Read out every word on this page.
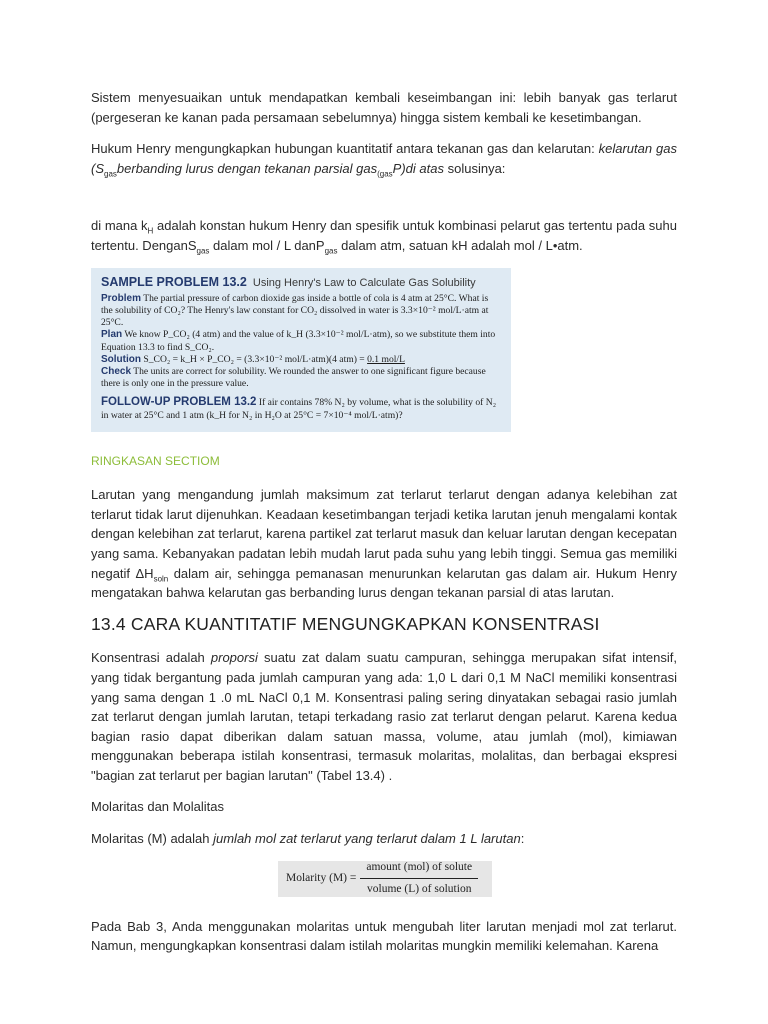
Sistem menyesuaikan untuk mendapatkan kembali keseimbangan ini: lebih banyak gas terlarut (pergeseran ke kanan pada persamaan sebelumnya) hingga sistem kembali ke kesetimbangan.

Hukum Henry mengungkapkan hubungan kuantitatif antara tekanan gas dan kelarutan: kelarutan gas ($S_{gas}berbanding$ lurus dengan tekanan parsial gas$_{(gas}$P)di atas solusinya:

di mana $k_H$ adalah konstan hukum Henry dan spesifik untuk kombinasi pelarut gas tertentu pada suhu tertentu. DenganS$_{gas}$ dalam mol / L danP$_{gas}$ dalam atm, satuan kH adalah mol / L•atm.

SAMPLE PROBLEM 13.2 Using Henry's Law to Calculate Gas Solubility
Problem The partial pressure of carbon dioxide gas inside a bottle of cola is 4 atm at 25°C. What is the solubility of CO₂? The Henry's law constant for CO₂ dissolved in water is 3.3×10⁻² mol/L·atm at 25°C.
Plan We know P_CO₂ (4 atm) and the value of k_H (3.3×10⁻² mol/L·atm), so we substitute them into Equation 13.3 to find S_CO₂.
Solution S_CO₂ = k_H × P_CO₂ = (3.3×10⁻² mol/L·atm)(4 atm) = 0.1 mol/L
Check The units are correct for solubility. We rounded the answer to one significant figure because there is only one in the pressure value.
FOLLOW-UP PROBLEM 13.2 If air contains 78% N₂ by volume, what is the solubility of N₂ in water at 25°C and 1 atm (k_H for N₂ in H₂O at 25°C = 7×10⁻⁴ mol/L·atm)?
RINGKASAN SECTIOM

Larutan yang mengandung jumlah maksimum zat terlarut terlarut dengan adanya kelebihan zat terlarut tidak larut dijenuhkan. Keadaan kesetimbangan terjadi ketika larutan jenuh mengalami kontak dengan kelebihan zat terlarut, karena partikel zat terlarut masuk dan keluar larutan dengan kecepatan yang sama. Kebanyakan padatan lebih mudah larut pada suhu yang lebih tinggi. Semua gas memiliki negatif $\Delta H_{soln}$ dalam air, sehingga pemanasan menurunkan kelarutan gas dalam air. Hukum Henry mengatakan bahwa kelarutan gas berbanding lurus dengan tekanan parsial di atas larutan.

13.4 CARA KUANTITATIF MENGUNGKAPKAN KONSENTRASI

Konsentrasi adalah proporsi suatu zat dalam suatu campuran, sehingga merupakan sifat intensif, yang tidak bergantung pada jumlah campuran yang ada: 1,0 L dari 0,1 M NaCl memiliki konsentrasi yang sama dengan 1 .0 mL NaCl 0,1 M. Konsentrasi paling sering dinyatakan sebagai rasio jumlah zat terlarut dengan jumlah larutan, tetapi terkadang rasio zat terlarut dengan pelarut. Karena kedua bagian rasio dapat diberikan dalam satuan massa, volume, atau jumlah (mol), kimiawan menggunakan beberapa istilah konsentrasi, termasuk molaritas, molalitas, dan berbagai ekspresi "bagian zat terlarut per bagian larutan" (Tabel 13.4) .

Molaritas dan Molalitas

Molaritas (M) adalah jumlah mol zat terlarut yang terlarut dalam 1 L larutan:

Molarity $(M) = \frac{\text{amount (mol) of solute}}{\text{volume (L) of solution}}$

Pada Bab 3, Anda menggunakan molaritas untuk mengubah liter larutan menjadi mol zat terlarut. Namun, mengungkapkan konsentrasi dalam istilah molaritas mungkin memiliki kelemahan. Karena
